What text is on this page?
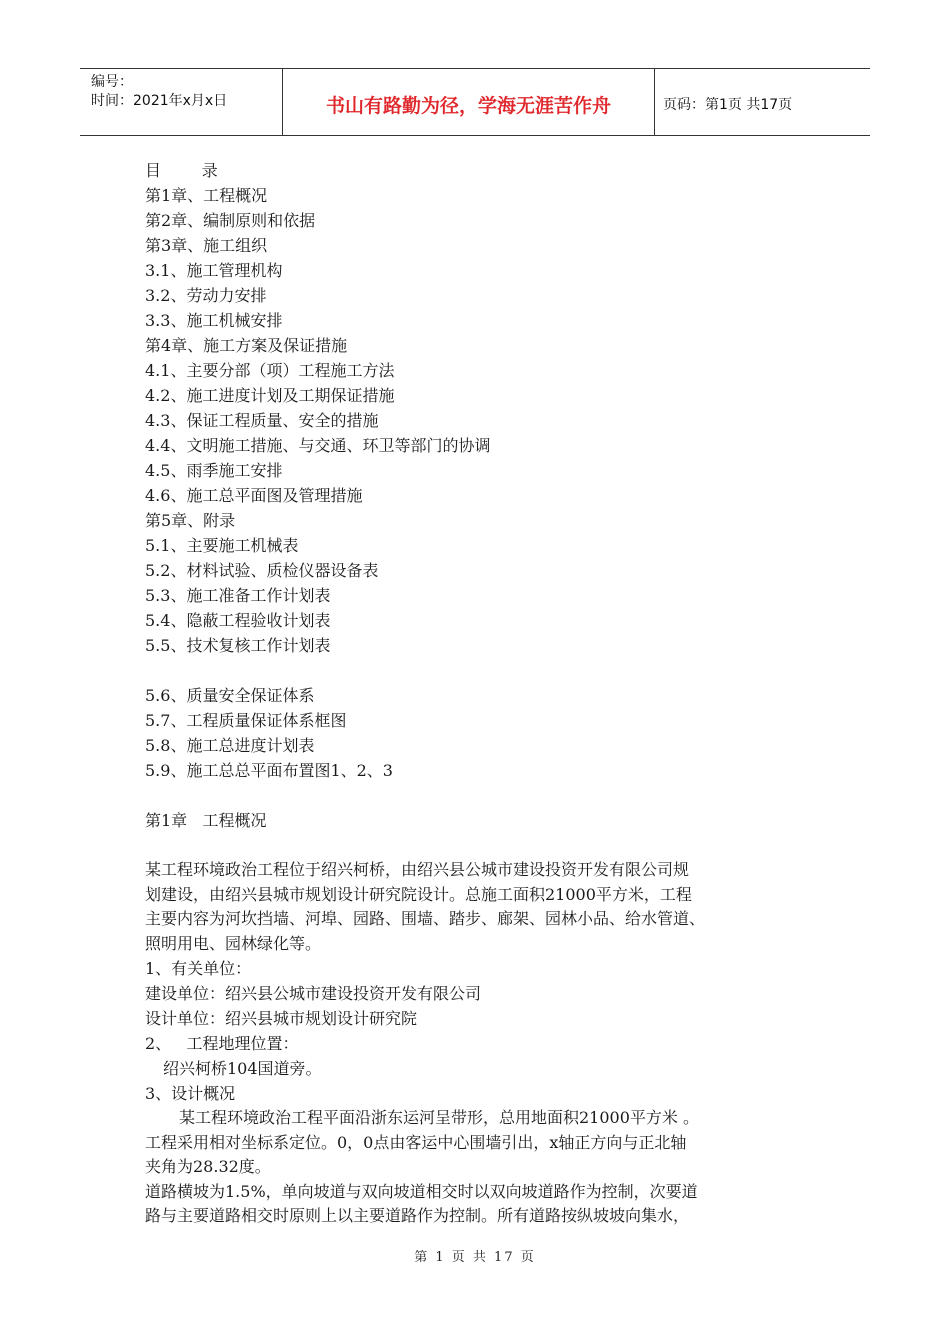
编号：
时间：2021年x月x日	书山有路勤为径，学海无涯苦作舟	页码：第1页 共17页
目        录
第1章、工程概况
第2章、编制原则和依据
第3章、施工组织
3.1、施工管理机构
3.2、劳动力安排
3.3、施工机械安排
第4章、施工方案及保证措施
4.1、主要分部（项）工程施工方法
4.2、施工进度计划及工期保证措施
4.3、保证工程质量、安全的措施
4.4、文明施工措施、与交通、环卫等部门的协调
4.5、雨季施工安排
4.6、施工总平面图及管理措施
第5章、附录
5.1、主要施工机械表
5.2、材料试验、质检仪器设备表
5.3、施工准备工作计划表
5.4、隐蔽工程验收计划表
5.5、技术复核工作计划表
5.6、质量安全保证体系
5.7、工程质量保证体系框图
5.8、施工总进度计划表
5.9、施工总总平面布置图1、2、3
第1章   工程概况
某工程环境政治工程位于绍兴柯桥，由绍兴县公城市建设投资开发有限公司规
划建设，由绍兴县城市规划设计研究院设计。总施工面积21000平方米，工程
主要内容为河坎挡墙、河埠、园路、围墙、踏步、廊架、园林小品、给水管道、
照明用电、园林绿化等。
1、有关单位：
建设单位：绍兴县公城市建设投资开发有限公司
设计单位：绍兴县城市规划设计研究院
2、   工程地理位置：
绍兴柯桥104国道旁。
3、设计概况
某工程环境政治工程平面沿浙东运河呈带形，总用地面积21000平方米 。
工程采用相对坐标系定位。0，0点由客运中心围墙引出，x轴正方向与正北轴
夹角为28.32度。
道路横坡为1.5%，单向坡道与双向坡道相交时以双向坡道路作为控制，次要道
路与主要道路相交时原则上以主要道路作为控制。所有道路按纵坡坡向集水，
第 1 页 共 17 页
